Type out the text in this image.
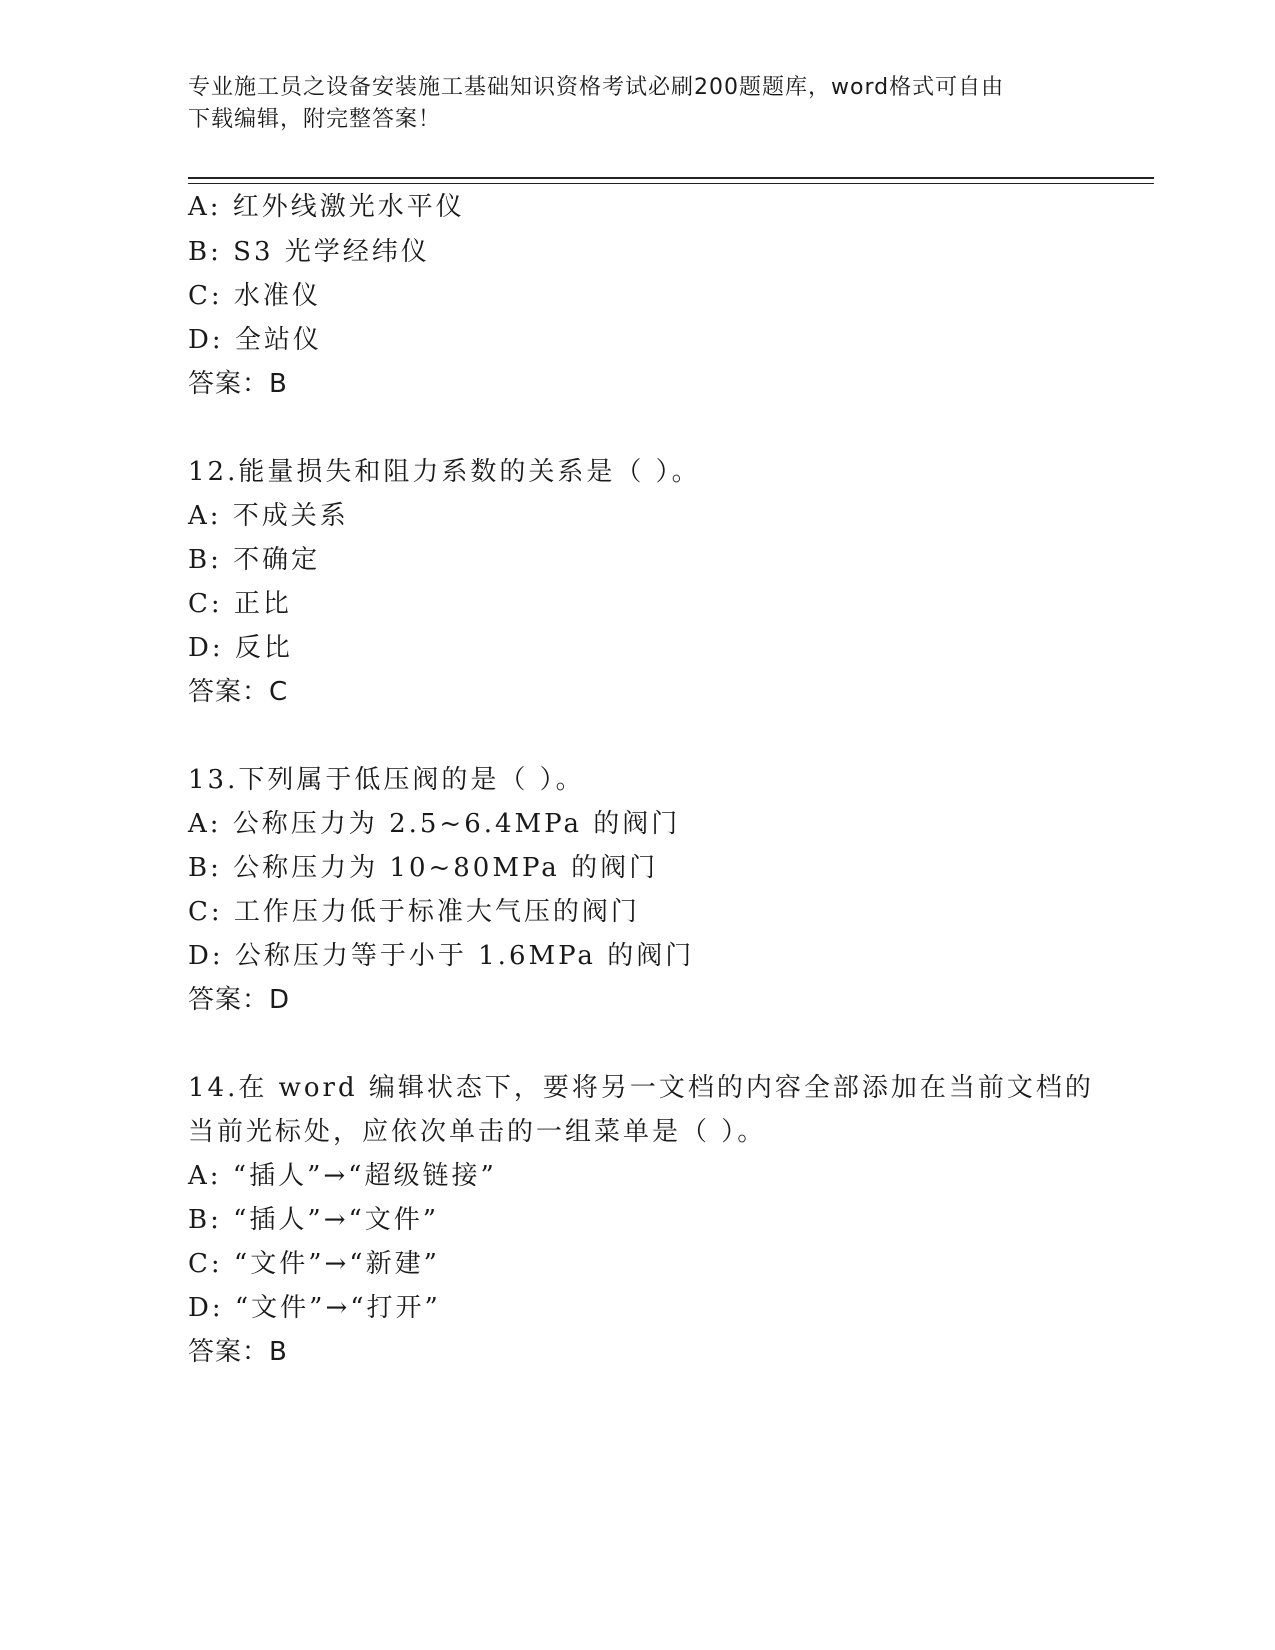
专业施工员之设备安装施工基础知识资格考试必刷200题题库，word格式可自由
下载编辑，附完整答案！
A: 红外线激光水平仪
B: S3 光学经纬仪
C: 水准仪
D: 全站仪
答案：B
12.能量损失和阻力系数的关系是（ ）。
A: 不成关系
B: 不确定
C: 正比
D: 反比
答案：C
13.下列属于低压阀的是（ ）。
A: 公称压力为 2.5~6.4MPa 的阀门
B: 公称压力为 10~80MPa 的阀门
C: 工作压力低于标准大气压的阀门
D: 公称压力等于小于 1.6MPa 的阀门
答案：D
14.在 word 编辑状态下，要将另一文档的内容全部添加在当前文档的
当前光标处，应依次单击的一组菜单是（ ）。
A: “插人”→“超级链接”
B: “插人”→“文件”
C: “文件”→“新建”
D: “文件”→“打开”
答案：B
